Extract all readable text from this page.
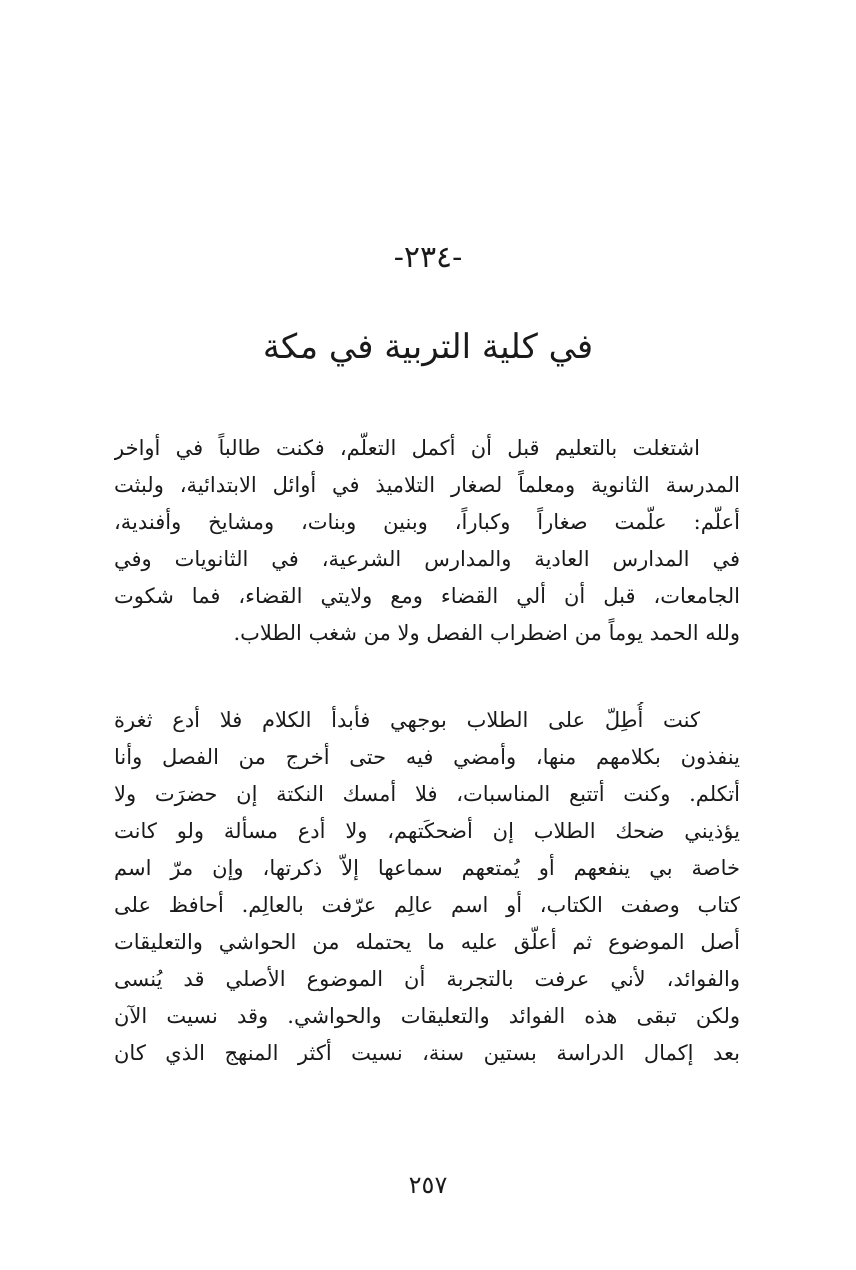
-٢٣٤-
في كلية التربية في مكة
اشتغلت بالتعليم قبل أن أكمل التعلّم، فكنت طالباً في أواخر
المدرسة الثانوية ومعلماً لصغار التلاميذ في أوائل الابتدائية، ولبثت
أعلّم: علّمت صغاراً وكباراً، وبنين وبنات، ومشايخ وأفندية،
في المدارس العادية والمدارس الشرعية، في الثانويات وفي
الجامعات، قبل أن ألي القضاء ومع ولايتي القضاء، فما شكوت
ولله الحمد يوماً من اضطراب الفصل ولا من شغب الطلاب.
كنت أُطِلّ على الطلاب بوجهي فأبدأ الكلام فلا أدع ثغرة
ينفذون بكلامهم منها، وأمضي فيه حتى أخرج من الفصل وأنا
أتكلم. وكنت أتتبع المناسبات، فلا أمسك النكتة إن حضرَت ولا
يؤذيني ضحك الطلاب إن أضحكَتهم، ولا أدع مسألة ولو كانت
خاصة بي ينفعهم أو يُمتعهم سماعها إلاّ ذكرتها، وإن مرّ اسم
كتاب وصفت الكتاب، أو اسم عالِم عرّفت بالعالِم. أحافظ على
أصل الموضوع ثم أعلّق عليه ما يحتمله من الحواشي والتعليقات
والفوائد، لأني عرفت بالتجربة أن الموضوع الأصلي قد يُنسى
ولكن تبقى هذه الفوائد والتعليقات والحواشي. وقد نسيت الآن
بعد إكمال الدراسة بستين سنة، نسيت أكثر المنهج الذي كان
٢٥٧
